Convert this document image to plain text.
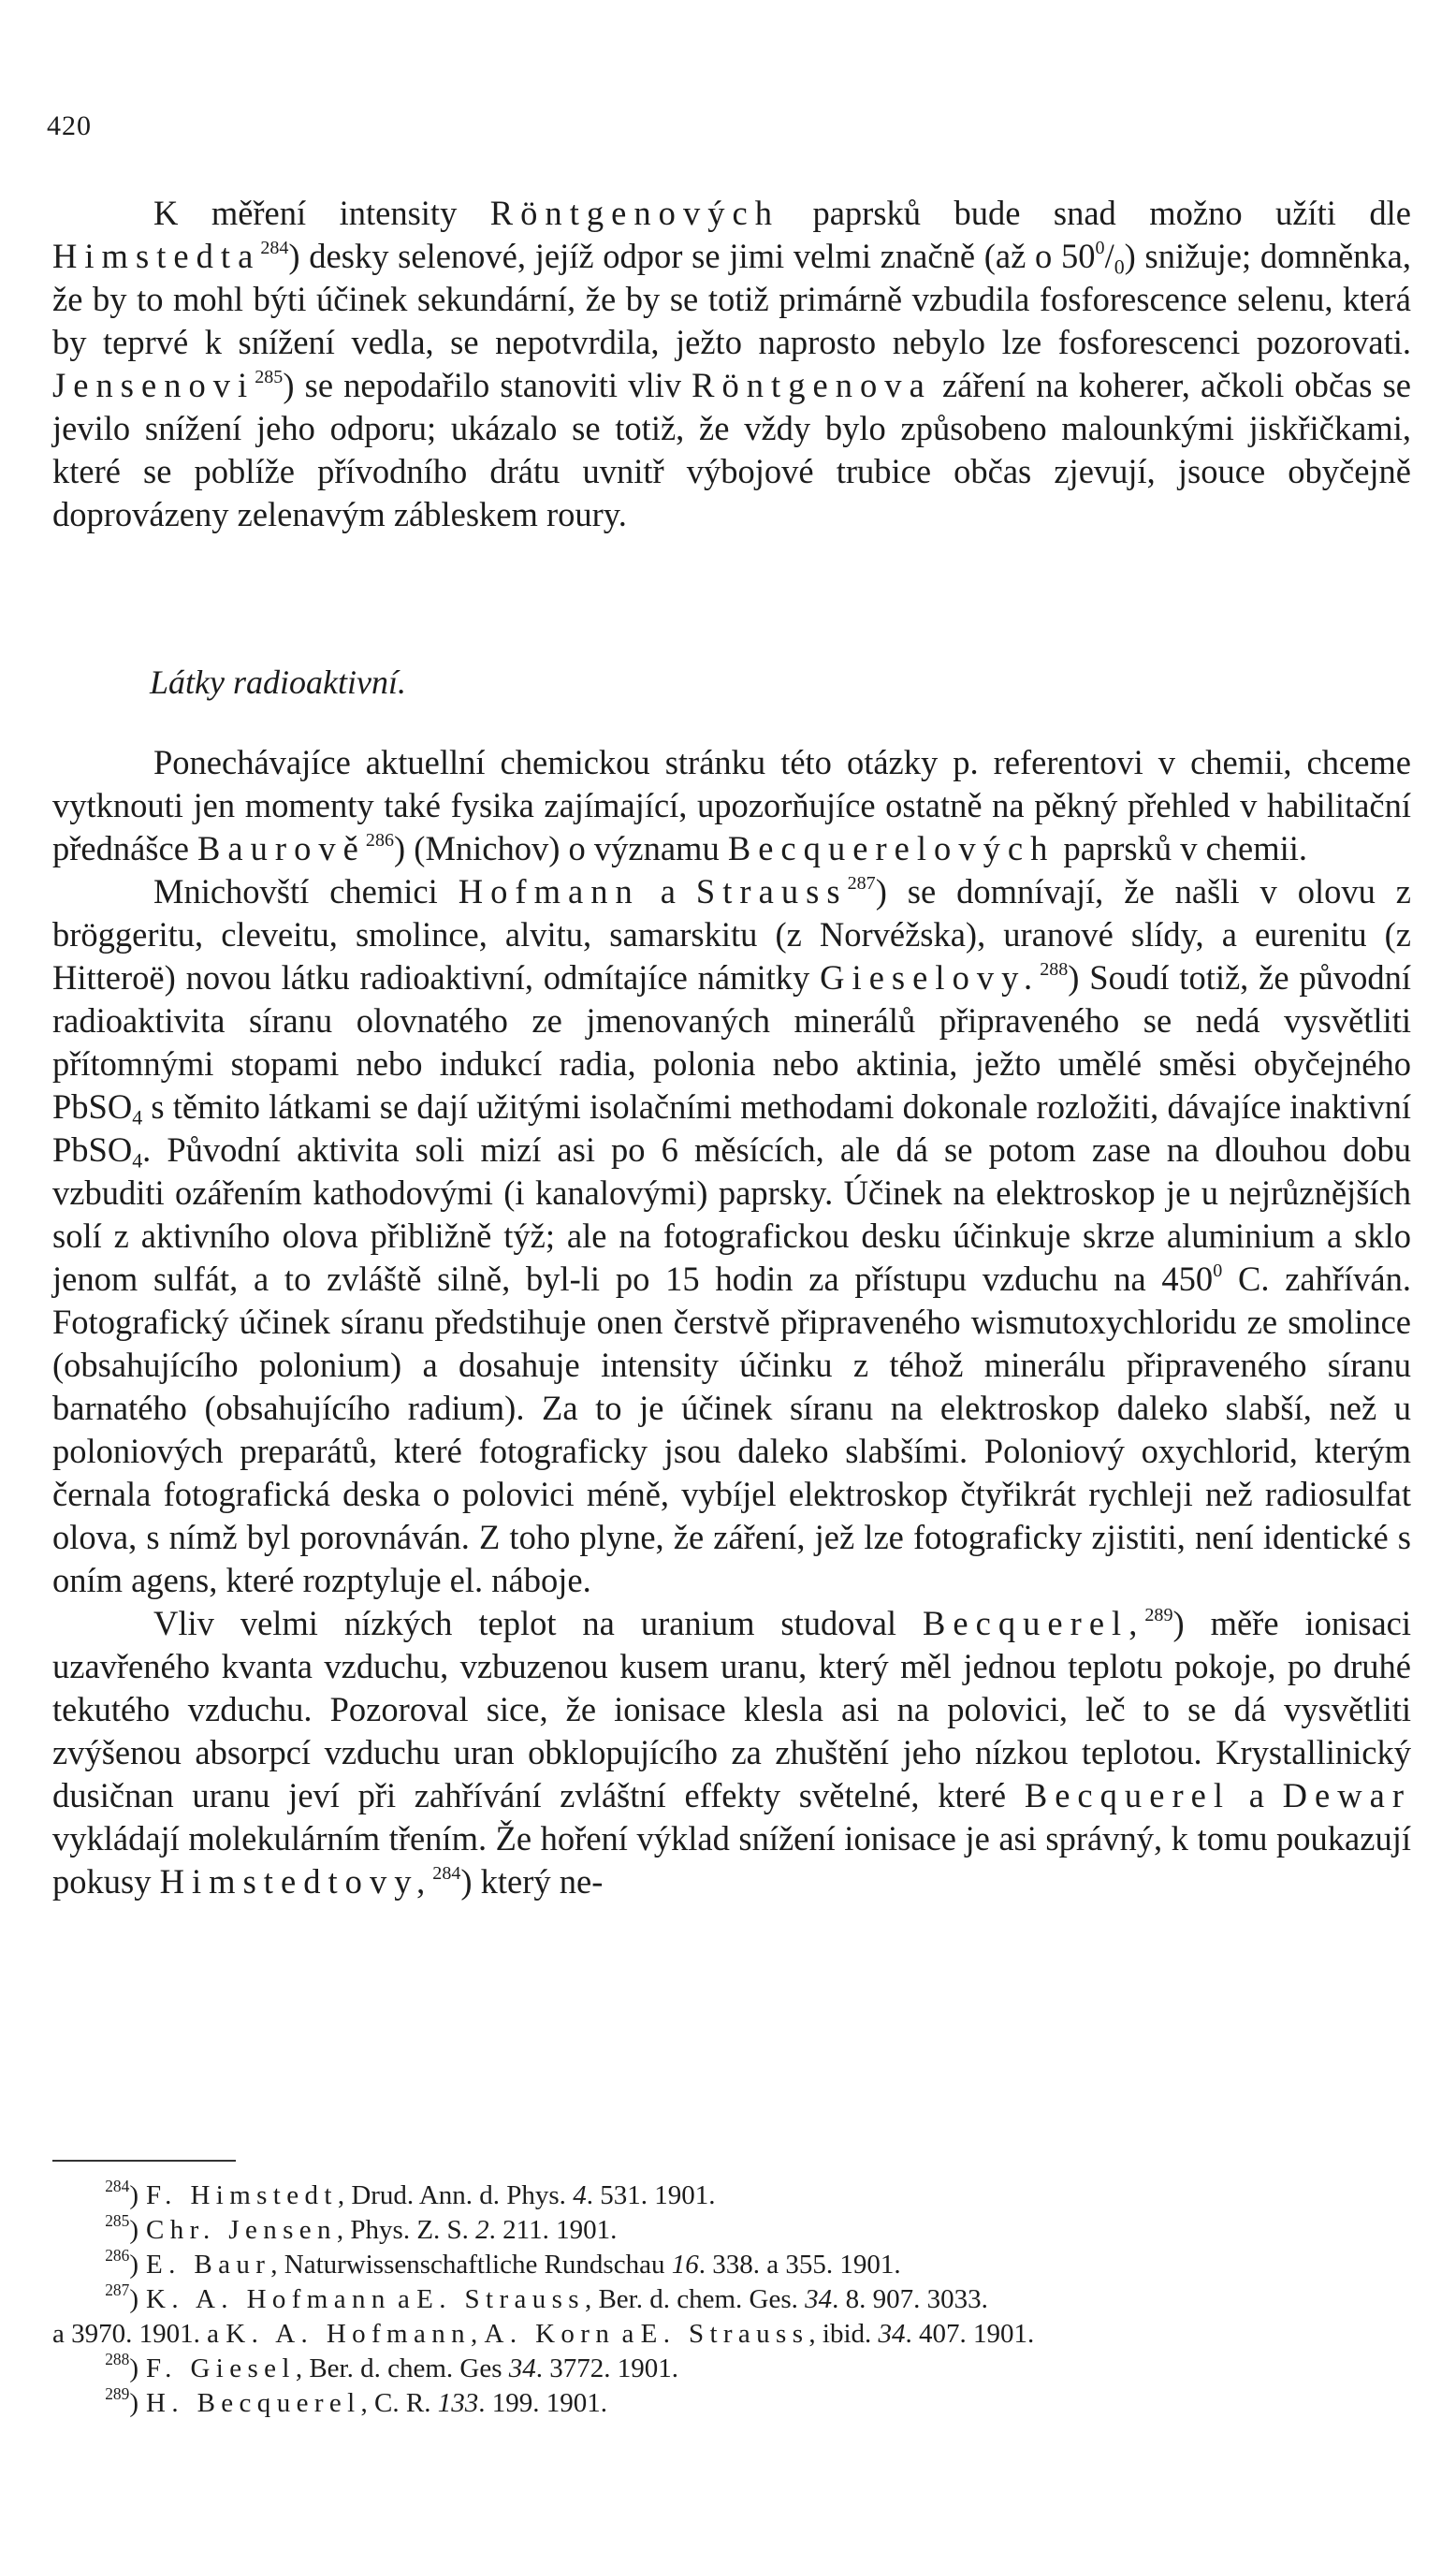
420

K měření intensity Röntgenových paprsků bude snad možno užíti dle Himstedta$^{284}$) desky selenové, jejíž odpor se jimi velmi značně (až o $50^0/_0$) snižuje; domněnka, že by to mohl býti účinek sekundární, že by se totiž primárně vzbudila fosforescence selenu, která by teprvé k snížení vedla, se nepotvrdila, ježto naprosto nebylo lze fosforescenci pozorovati. Jensenovi$^{285}$) se nepodařilo stanoviti vliv Röntgenova záření na koherer, ačkoli občas se jevilo snížení jeho odporu; ukázalo se totiž, že vždy bylo způsobeno malounkými jiskřičkami, které se poblíže přívodního drátu uvnitř výbojové trubice občas zjevují, jsouce obyčejně doprovázeny zelenavým zábleskem roury.

Látky radioaktivní.

Ponechávajíce aktuellní chemickou stránku této otázky p. referentovi v chemii, chceme vytknouti jen momenty také fysika zajímající, upozorňujíce ostatně na pěkný přehled v habilitační přednášce Baurově$^{286}$) (Mnichov) o významu Becquerelových paprsků v chemii.

Mnichovští chemici Hofmann a Strauss$^{287}$) se domnívají, že našli v olovu z bröggeritu, cleveitu, smolince, alvitu, samarskitu (z Norvéžska), uranové slídy, a eurenitu (z Hitteroë) novou látku radioaktivní, odmítajíce námitky Gieselovy.$^{288}$) Soudí totiž, že původní radioaktivita síranu olovnatého ze jmenovaných minerálů připraveného se nedá vysvětliti přítomnými stopami nebo indukcí radia, polonia nebo aktinia, ježto umělé směsi obyčejného PbSO$_4$ s těmito látkami se dají užitými isolačními methodami dokonale rozložiti, dávajíce inaktivní PbSO$_4$. Původní aktivita soli mizí asi po 6 měsících, ale dá se potom zase na dlouhou dobu vzbuditi ozářením kathodovými (i kanalovými) paprsky. Účinek na elektroskop je u nejrůznějších solí z aktivního olova přibližně týž; ale na fotografickou desku účinkuje skrze aluminium a sklo jenom sulfát, a to zvláště silně, byl-li po 15 hodin za přístupu vzduchu na $450^0$ C. zahříván. Fotografický účinek síranu předstihuje onen čerstvě připraveného wismutoxychloridu ze smolince (obsahujícího polonium) a dosahuje intensity účinku z téhož minerálu připraveného síranu barnatého (obsahujícího radium). Za to je účinek síranu na elektroskop daleko slabší, než u poloniových preparátů, které fotograficky jsou daleko slabšími. Poloniový oxychlorid, kterým černala fotografická deska o polovici méně, vybíjel elektroskop čtyřikrát rychleji než radiosulfat olova, s nímž byl porovnáván. Z toho plyne, že záření, jež lze fotograficky zjistiti, není identické s oním agens, které rozptyluje el. náboje.

Vliv velmi nízkých teplot na uranium studoval Becquerel,$^{289}$) měře ionisaci uzavřeného kvanta vzduchu, vzbuzenou kusem uranu, který měl jednou teplotu pokoje, po druhé tekutého vzduchu. Pozoroval sice, že ionisace klesla asi na polovici, leč to se dá vysvětliti zvýšenou absorpcí vzduchu uran obklopujícího za zhuštění jeho nízkou teplotou. Krystallinický dusičnan uranu jeví při zahřívání zvláštní effekty světelné, které Becquerel a Dewar vykládají molekulárním třením. Že hoření výklad snížení ionisace je asi správný, k tomu poukazují pokusy Himstedtovy,$^{284}$) který ne-

$^{284}$) F. Himstedt, Drud. Ann. d. Phys. 4. 531. 1901.

$^{285}$) Chr. Jensen, Phys. Z. S. 2. 211. 1901.

$^{286}$) E. Baur, Naturwissenschaftliche Rundschau 16. 338. a 355. 1901.

$^{287}$) K. A. Hofmann a E. Strauss, Ber. d. chem. Ges. 34. 8. 907. 3033.

a 3970. 1901. a K. A. Hofmann, A. Korn a E. Strauss, ibid. 34. 407. 1901.

$^{288}$) F. Giesel, Ber. d. chem. Ges 34. 3772. 1901.

$^{289}$) H. Becquerel, C. R. 133. 199. 1901.
